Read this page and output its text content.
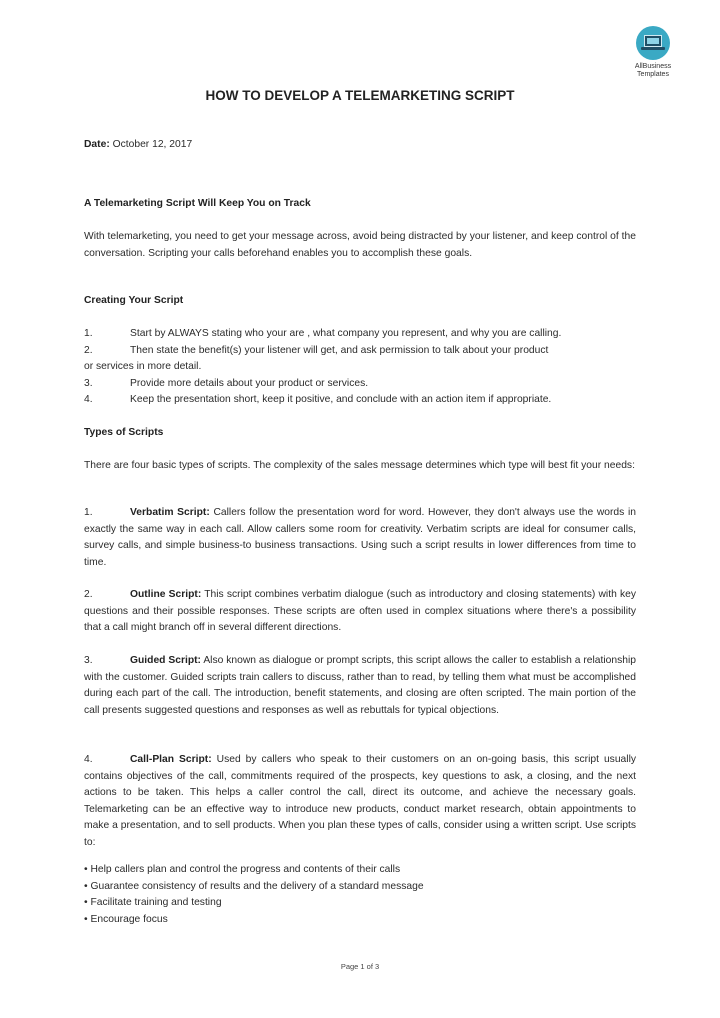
AllBusiness
Templates
HOW TO DEVELOP A TELEMARKETING SCRIPT
Date: October 12, 2017
A Telemarketing Script Will Keep You on Track
With telemarketing, you need to get your message across, avoid being distracted by your listener, and keep control of the conversation. Scripting your calls beforehand enables you to accomplish these goals.
Creating Your Script
1.	Start by ALWAYS stating who your are , what company you represent, and why you are calling.
2.	Then state the benefit(s) your listener will get, and ask permission to talk about your product
or services in more detail.
3.	Provide more details about your product or services.
4.	Keep the presentation short, keep it positive, and conclude with an action item if appropriate.
Types of Scripts
There are four basic types of scripts. The complexity of the sales message determines which type will best fit your needs:
1.	Verbatim Script: Callers follow the presentation word for word. However, they don't always use the words in exactly the same way in each call. Allow callers some room for creativity. Verbatim scripts are ideal for consumer calls, survey calls, and simple business-to business transactions. Using such a script results in lower differences from time to time.
2.	Outline Script: This script combines verbatim dialogue (such as introductory and closing statements) with key questions and their possible responses. These scripts are often used in complex situations where there's a possibility that a call might branch off in several different directions.
3.	Guided Script: Also known as dialogue or prompt scripts, this script allows the caller to establish a relationship with the customer. Guided scripts train callers to discuss, rather than to read, by telling them what must be accomplished during each part of the call. The introduction, benefit statements, and closing are often scripted. The main portion of the call presents suggested questions and responses as well as rebuttals for typical objections.
4.	Call-Plan Script: Used by callers who speak to their customers on an on-going basis, this script usually contains objectives of the call, commitments required of the prospects, key questions to ask, a closing, and the next actions to be taken. This helps a caller control the call, direct its outcome, and achieve the necessary goals. Telemarketing can be an effective way to introduce new products, conduct market research, obtain appointments to make a presentation, and to sell products. When you plan these types of calls, consider using a written script. Use scripts to:
• Help callers plan and control the progress and contents of their calls
• Guarantee consistency of results and the delivery of a standard message
• Facilitate training and testing
• Encourage focus
Page 1 of 3
